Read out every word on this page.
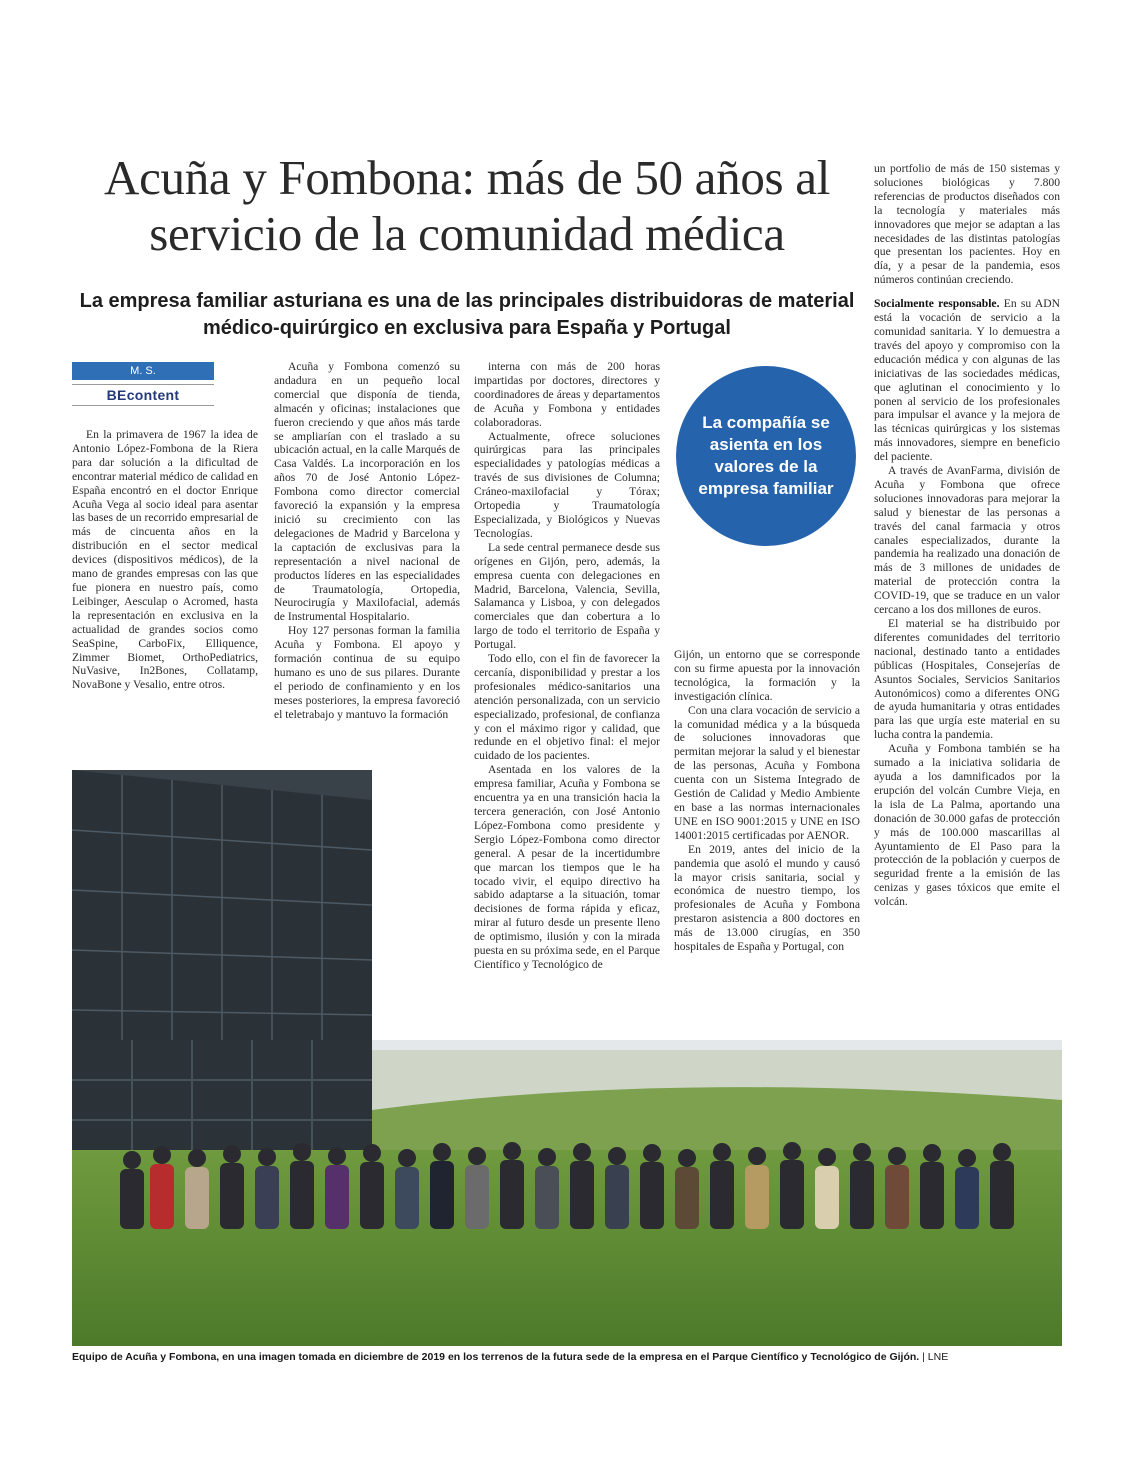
Acuña y Fombona: más de 50 años al servicio de la comunidad médica
La empresa familiar asturiana es una de las principales distribuidoras de material médico-quirúrgico en exclusiva para España y Portugal
M. S.
BEcontent

En la primavera de 1967 la idea de Antonio López-Fombona de la Riera para dar solución a la dificultad de encontrar material médico de calidad en España encontró en el doctor Enrique Acuña Vega al socio ideal para asentar las bases de un recorrido empresarial de más de cincuenta años en la distribución en el sector medical devices (dispositivos médicos), de la mano de grandes empresas con las que fue pionera en nuestro país, como Leibinger, Aesculap o Acromed, hasta la representación en exclusiva en la actualidad de grandes socios como SeaSpine, CarboFix, Elliquence, Zimmer Biomet, OrthoPediatrics, NuVasive, In2Bones, Collatamp, NovaBone y Vesalio, entre otros.

Acuña y Fombona comenzó su andadura en un pequeño local comercial que disponía de tienda, almacén y oficinas; instalaciones que fueron creciendo y que años más tarde se ampliarían con el traslado a su ubicación actual, en la calle Marqués de Casa Valdés. La incorporación en los años 70 de José Antonio López-Fombona como director comercial favoreció la expansión y la empresa inició su crecimiento con las delegaciones de Madrid y Barcelona y la captación de exclusivas para la representación a nivel nacional de productos líderes en las especialidades de Traumatología, Ortopedia, Neurocirugía y Maxilofacial, además de Instrumental Hospitalario.

Hoy 127 personas forman la familia Acuña y Fombona. El apoyo y formación continua de su equipo humano es uno de sus pilares. Durante el periodo de confinamiento y en los meses posteriores, la empresa favoreció el teletrabajo y mantuvo la formación

interna con más de 200 horas impartidas por doctores, directores y coordinadores de áreas y departamentos de Acuña y Fombona y entidades colaboradoras.

Actualmente, ofrece soluciones quirúrgicas para las principales especialidades y patologías médicas a través de sus divisiones de Columna; Cráneo-maxilofacial y Tórax; Ortopedia y Traumatología Especializada, y Biológicos y Nuevas Tecnologías.

La sede central permanece desde sus orígenes en Gijón, pero, además, la empresa cuenta con delegaciones en Madrid, Barcelona, Valencia, Sevilla, Salamanca y Lisboa, y con delegados comerciales que dan cobertura a lo largo de todo el territorio de España y Portugal.

Todo ello, con el fin de favorecer la cercanía, disponibilidad y prestar a los profesionales médico-sanitarios una atención personalizada, con un servicio especializado, profesional, de confianza y con el máximo rigor y calidad, que redunde en el objetivo final: el mejor cuidado de los pacientes.

Asentada en los valores de la empresa familiar, Acuña y Fombona se encuentra ya en una transición hacia la tercera generación, con José Antonio López-Fombona como presidente y Sergio López-Fombona como director general. A pesar de la incertidumbre que marcan los tiempos que le ha tocado vivir, el equipo directivo ha sabido adaptarse a la situación, tomar decisiones de forma rápida y eficaz, mirar al futuro desde un presente lleno de optimismo, ilusión y con la mirada puesta en su próxima sede, en el Parque Científico y Tecnológico de

La compañía se asienta en los valores de la empresa familiar

Gijón, un entorno que se corresponde con su firme apuesta por la innovación tecnológica, la formación y la investigación clínica.

Con una clara vocación de servicio a la comunidad médica y a la búsqueda de soluciones innovadoras que permitan mejorar la salud y el bienestar de las personas, Acuña y Fombona cuenta con un Sistema Integrado de Gestión de Calidad y Medio Ambiente en base a las normas internacionales UNE en ISO 9001:2015 y UNE en ISO 14001:2015 certificadas por AENOR.

En 2019, antes del inicio de la pandemia que asoló el mundo y causó la mayor crisis sanitaria, social y económica de nuestro tiempo, los profesionales de Acuña y Fombona prestaron asistencia a 800 doctores en más de 13.000 cirugías, en 350 hospitales de España y Portugal, con

un portfolio de más de 150 sistemas y soluciones biológicas y 7.800 referencias de productos diseñados con la tecnología y materiales más innovadores que mejor se adaptan a las necesidades de las distintas patologías que presentan los pacientes. Hoy en día, y a pesar de la pandemia, esos números continúan creciendo.

Socialmente responsable. En su ADN está la vocación de servicio a la comunidad sanitaria. Y lo demuestra a través del apoyo y compromiso con la educación médica y con algunas de las iniciativas de las sociedades médicas, que aglutinan el conocimiento y lo ponen al servicio de los profesionales para impulsar el avance y la mejora de las técnicas quirúrgicas y los sistemas más innovadores, siempre en beneficio del paciente.

A través de AvanFarma, división de Acuña y Fombona que ofrece soluciones innovadoras para mejorar la salud y bienestar de las personas a través del canal farmacia y otros canales especializados, durante la pandemia ha realizado una donación de más de 3 millones de unidades de material de protección contra la COVID-19, que se traduce en un valor cercano a los dos millones de euros.

El material se ha distribuido por diferentes comunidades del territorio nacional, destinado tanto a entidades públicas (Hospitales, Consejerías de Asuntos Sociales, Servicios Sanitarios Autonómicos) como a diferentes ONG de ayuda humanitaria y otras entidades para las que urgía este material en su lucha contra la pandemia.

Acuña y Fombona también se ha sumado a la iniciativa solidaria de ayuda a los damnificados por la erupción del volcán Cumbre Vieja, en la isla de La Palma, aportando una donación de 30.000 gafas de protección y más de 100.000 mascarillas al Ayuntamiento de El Paso para la protección de la población y cuerpos de seguridad frente a la emisión de las cenizas y gases tóxicos que emite el volcán.

Equipo de Acuña y Fombona, en una imagen tomada en diciembre de 2019 en los terrenos de la futura sede de la empresa en el Parque Científico y Tecnológico de Gijón. | LNE
